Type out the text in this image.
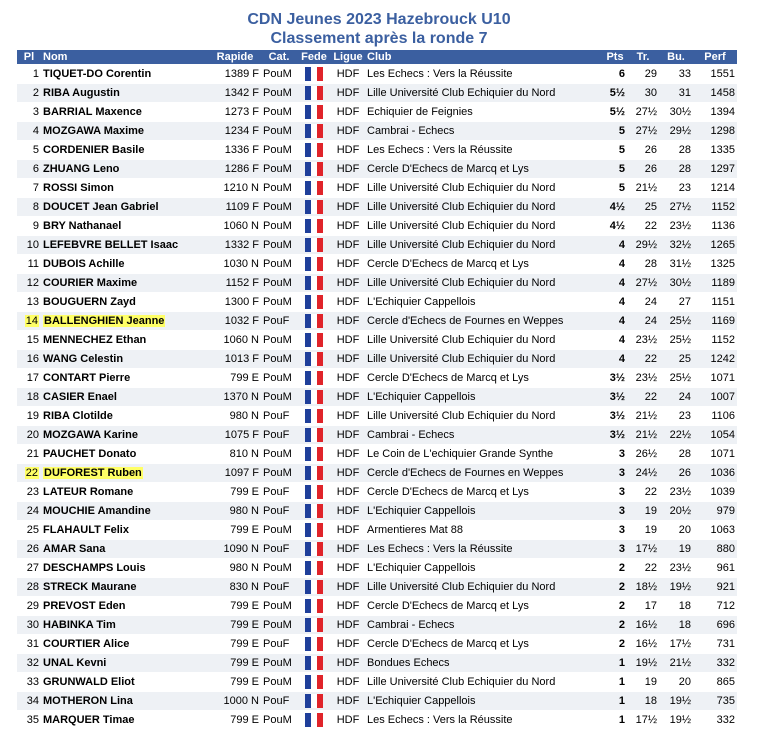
CDN Jeunes 2023 Hazebrouck U10
Classement après la ronde 7
Pl	Nom	Rapide	Cat.	Fede	Ligue	Club	Pts	Tr.	Bu.	Perf
1	TIQUET-DO Corentin	1389 F	PouM		HDF	Les Echecs : Vers la Réussite	6	29	33	1551
2	RIBA Augustin	1342 F	PouM		HDF	Lille Université Club Echiquier du Nord	5½	30	31	1458
3	BARRIAL Maxence	1273 F	PouM		HDF	Echiquier de Feignies	5½	27½	30½	1394
4	MOZGAWA Maxime	1234 F	PouM		HDF	Cambrai - Echecs	5	27½	29½	1298
5	CORDENIER Basile	1336 F	PouM		HDF	Les Echecs : Vers la Réussite	5	26	28	1335
6	ZHUANG Leno	1286 F	PouM		HDF	Cercle D'Echecs de Marcq et Lys	5	26	28	1297
7	ROSSI Simon	1210 N	PouM		HDF	Lille Université Club Echiquier du Nord	5	21½	23	1214
8	DOUCET Jean Gabriel	1109 F	PouM		HDF	Lille Université Club Echiquier du Nord	4½	25	27½	1152
9	BRY Nathanael	1060 N	PouM		HDF	Lille Université Club Echiquier du Nord	4½	22	23½	1136
10	LEFEBVRE BELLET Isaac	1332 F	PouM		HDF	Lille Université Club Echiquier du Nord	4	29½	32½	1265
11	DUBOIS Achille	1030 N	PouM		HDF	Cercle D'Echecs de Marcq et Lys	4	28	31½	1325
12	COURIER Maxime	1152 F	PouM		HDF	Lille Université Club Echiquier du Nord	4	27½	30½	1189
13	BOUGUERN Zayd	1300 F	PouM		HDF	L'Echiquier Cappellois	4	24	27	1151
14	BALLENGHIEN Jeanne	1032 F	PouF		HDF	Cercle d'Echecs de Fournes en Weppes	4	24	25½	1169
15	MENNECHEZ Ethan	1060 N	PouM		HDF	Lille Université Club Echiquier du Nord	4	23½	25½	1152
16	WANG Celestin	1013 F	PouM		HDF	Lille Université Club Echiquier du Nord	4	22	25	1242
17	CONTART Pierre	799 E	PouM		HDF	Cercle D'Echecs de Marcq et Lys	3½	23½	25½	1071
18	CASIER Enael	1370 N	PouM		HDF	L'Echiquier Cappellois	3½	22	24	1007
19	RIBA Clotilde	980 N	PouF		HDF	Lille Université Club Echiquier du Nord	3½	21½	23	1106
20	MOZGAWA Karine	1075 F	PouF		HDF	Cambrai - Echecs	3½	21½	22½	1054
21	PAUCHET Donato	810 N	PouM		HDF	Le Coin de L'echiquier Grande Synthe	3	26½	28	1071
22	DUFOREST Ruben	1097 F	PouM		HDF	Cercle d'Echecs de Fournes en Weppes	3	24½	26	1036
23	LATEUR Romane	799 E	PouF		HDF	Cercle D'Echecs de Marcq et Lys	3	22	23½	1039
24	MOUCHIE Amandine	980 N	PouF		HDF	L'Echiquier Cappellois	3	19	20½	979
25	FLAHAULT Felix	799 E	PouM		HDF	Armentieres Mat 88	3	19	20	1063
26	AMAR Sana	1090 N	PouF		HDF	Les Echecs : Vers la Réussite	3	17½	19	880
27	DESCHAMPS Louis	980 N	PouM		HDF	L'Echiquier Cappellois	2	22	23½	961
28	STRECK Maurane	830 N	PouF		HDF	Lille Université Club Echiquier du Nord	2	18½	19½	921
29	PREVOST Eden	799 E	PouM		HDF	Cercle D'Echecs de Marcq et Lys	2	17	18	712
30	HABINKA Tim	799 E	PouM		HDF	Cambrai - Echecs	2	16½	18	696
31	COURTIER Alice	799 E	PouF		HDF	Cercle D'Echecs de Marcq et Lys	2	16½	17½	731
32	UNAL Kevni	799 E	PouM		HDF	Bondues Echecs	1	19½	21½	332
33	GRUNWALD Eliot	799 E	PouM		HDF	Lille Université Club Echiquier du Nord	1	19	20	865
34	MOTHERON Lina	1000 N	PouF		HDF	L'Echiquier Cappellois	1	18	19½	735
35	MARQUER Timae	799 E	PouM		HDF	Les Echecs : Vers la Réussite	1	17½	19½	332
